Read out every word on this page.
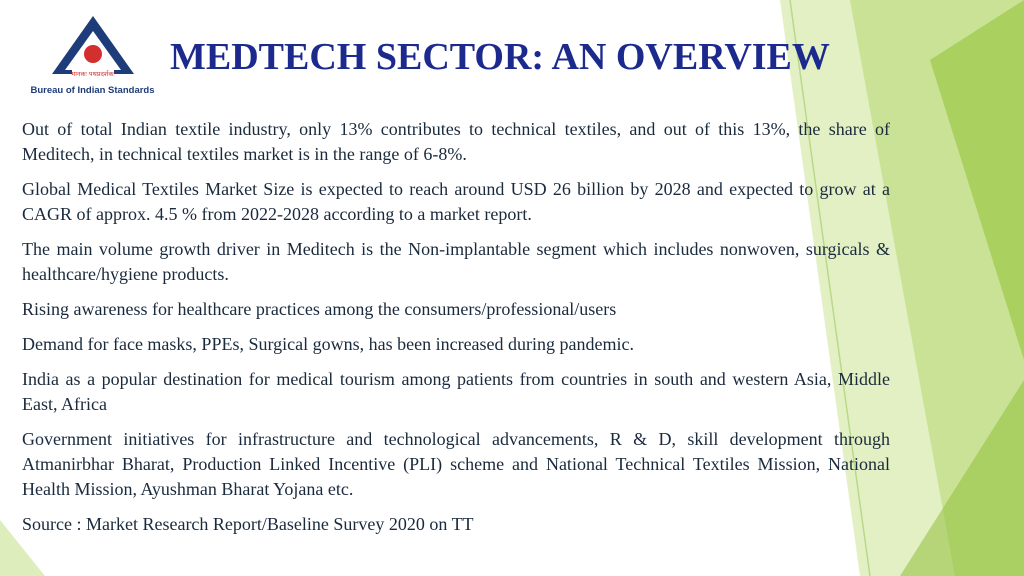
मानकः पथप्रदर्शकः
Bureau of Indian Standards
MEDTECH SECTOR: AN OVERVIEW

Out of total Indian textile industry, only 13% contributes to technical textiles, and out of this 13%, the share of Meditech, in technical textiles market is in the range of 6-8%.

Global Medical Textiles Market Size is expected to reach around USD 26 billion by 2028 and expected to grow at a CAGR of approx. 4.5 % from 2022-2028 according to a market report.

The main volume growth driver in Meditech is the Non-implantable segment which includes nonwoven, surgicals & healthcare/hygiene products.

Rising awareness for healthcare practices among the consumers/professional/users

Demand for face masks, PPEs, Surgical gowns, has been increased during pandemic.

India as a popular destination for medical tourism among patients from countries in south and western Asia, Middle East, Africa

Government initiatives for infrastructure and technological advancements, R & D, skill development through Atmanirbhar Bharat, Production Linked Incentive (PLI) scheme and National Technical Textiles Mission, National Health Mission, Ayushman Bharat Yojana etc.

Source : Market Research Report/Baseline Survey 2020 on TT
